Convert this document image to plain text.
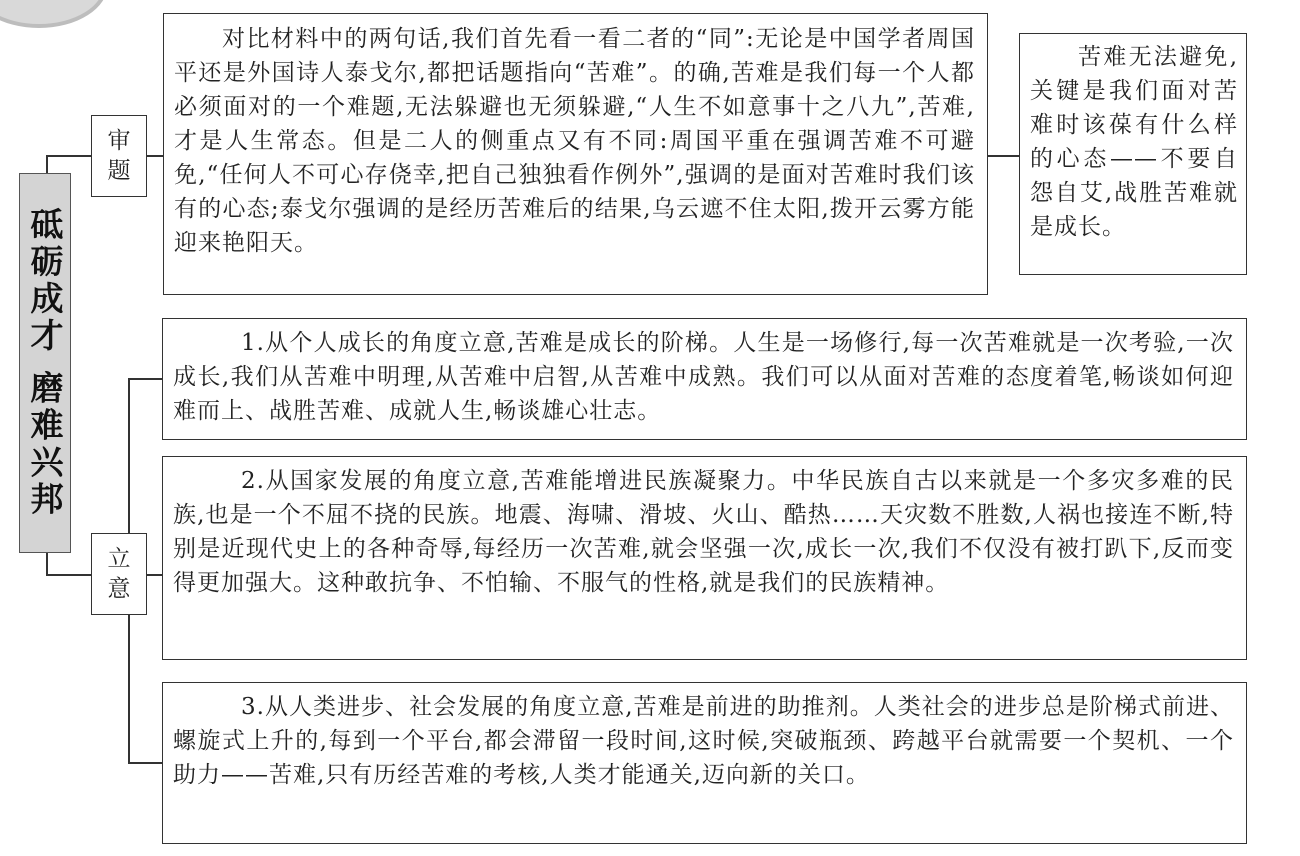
砥砺成才 磨难兴邦
审题
对比材料中的两句话,我们首先看一看二者的“同”:无论是中国学者周国平还是外国诗人泰戈尔,都把话题指向“苦难”。的确,苦难是我们每一个人都必须面对的一个难题,无法躲避也无须躲避,“人生不如意事十之八九”,苦难,才是人生常态。但是二人的侧重点又有不同:周国平重在强调苦难不可避免,“任何人不可心存侥幸,把自己独独看作例外”,强调的是面对苦难时我们该有的心态;泰戈尔强调的是经历苦难后的结果,乌云遮不住太阳,拨开云雾方能迎来艳阳天。
苦难无法避免,关键是我们面对苦难时该葆有什么样的心态——不要自怨自艾,战胜苦难就是成长。
立意
1.从个人成长的角度立意,苦难是成长的阶梯。人生是一场修行,每一次苦难就是一次考验,一次成长,我们从苦难中明理,从苦难中启智,从苦难中成熟。我们可以从面对苦难的态度着笔,畅谈如何迎难而上、战胜苦难、成就人生,畅谈雄心壮志。
2.从国家发展的角度立意,苦难能增进民族凝聚力。中华民族自古以来就是一个多灾多难的民族,也是一个不屈不挠的民族。地震、海啸、滑坡、火山、酷热……天灾数不胜数,人祸也接连不断,特别是近现代史上的各种奇辱,每经历一次苦难,就会坚强一次,成长一次,我们不仅没有被打趴下,反而变得更加强大。这种敢抗争、不怕输、不服气的性格,就是我们的民族精神。
3.从人类进步、社会发展的角度立意,苦难是前进的助推剂。人类社会的进步总是阶梯式前进、螺旋式上升的,每到一个平台,都会滞留一段时间,这时候,突破瓶颈、跨越平台就需要一个契机、一个助力——苦难,只有历经苦难的考核,人类才能通关,迈向新的关口。
